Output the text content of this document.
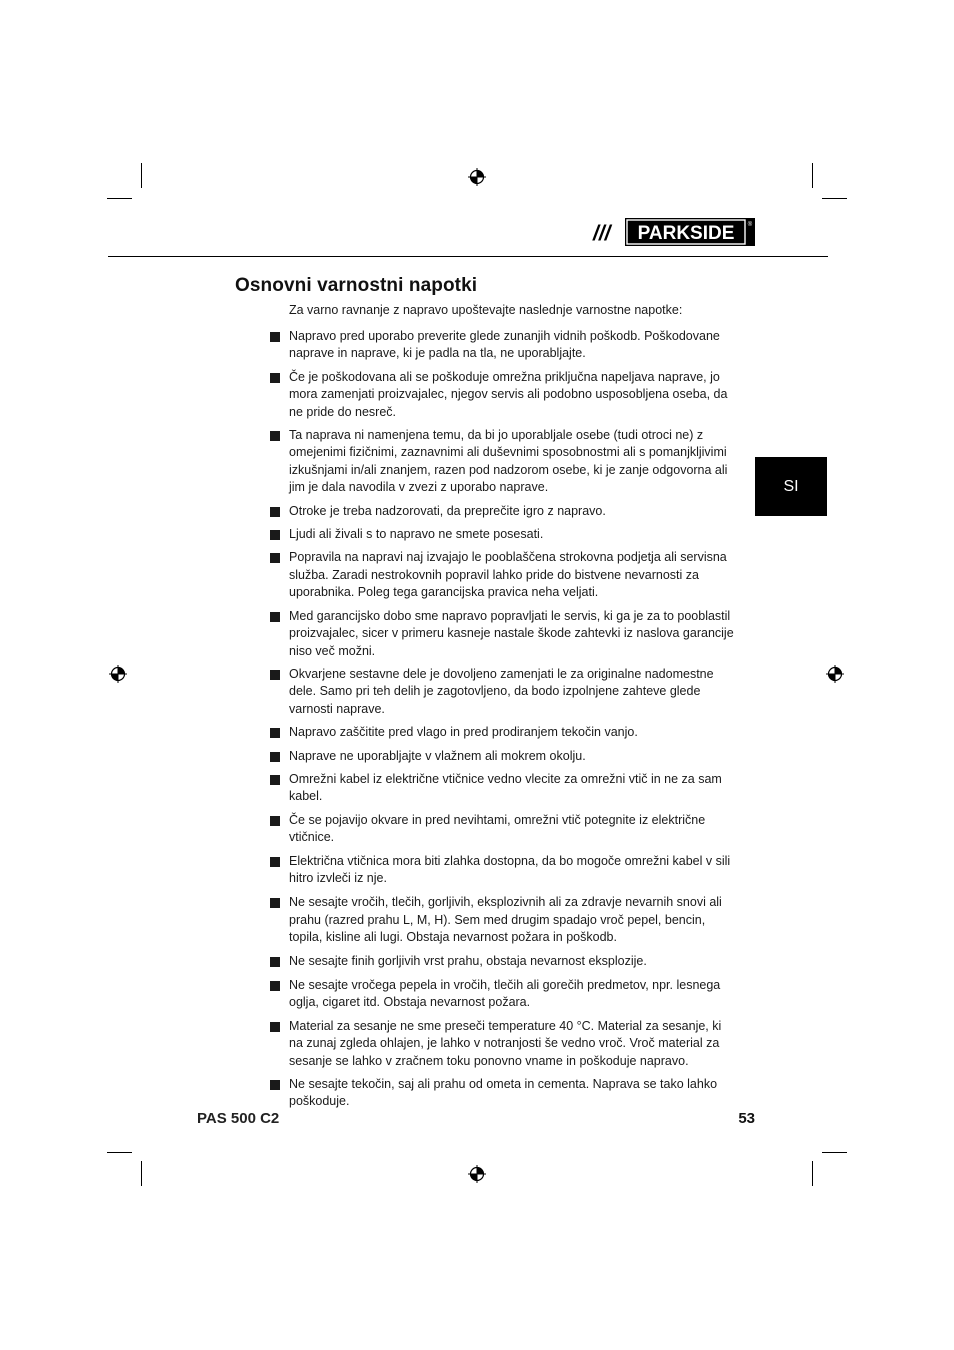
/// PARKSIDE ®
Osnovni varnostni napotki

Za varno ravnanje z napravo upoštevajte naslednje varnostne napotke:

Napravo pred uporabo preverite glede zunanjih vidnih poškodb. Poškodovane naprave in naprave, ki je padla na tla, ne uporabljajte.
Če je poškodovana ali se poškoduje omrežna priključna napeljava naprave, jo mora zamenjati proizvajalec, njegov servis ali podobno usposobljena oseba, da ne pride do nesreč.
Ta naprava ni namenjena temu, da bi jo uporabljale osebe (tudi otroci ne) z omejenimi fizičnimi, zaznavnimi ali duševnimi sposobnostmi ali s pomanjkljivimi izkušnjami in/ali znanjem, razen pod nadzorom osebe, ki je zanje odgovorna ali jim je dala navodila v zvezi z uporabo naprave.
Otroke je treba nadzorovati, da preprečite igro z napravo.
Ljudi ali živali s to napravo ne smete posesati.
Popravila na napravi naj izvajajo le pooblaščena strokovna podjetja ali servisna služba. Zaradi nestrokovnih popravil lahko pride do bistvene nevarnosti za uporabnika. Poleg tega garancijska pravica neha veljati.
Med garancijsko dobo sme napravo popravljati le servis, ki ga je za to pooblastil proizvajalec, sicer v primeru kasneje nastale škode zahtevki iz naslova garancije niso več možni.
Okvarjene sestavne dele je dovoljeno zamenjati le za originalne nadomestne dele. Samo pri teh delih je zagotovljeno, da bodo izpolnjene zahteve glede varnosti naprave.
Napravo zaščitite pred vlago in pred prodiranjem tekočin vanjo.
Naprave ne uporabljajte v vlažnem ali mokrem okolju.
Omrežni kabel iz električne vtičnice vedno vlecite za omrežni vtič in ne za sam kabel.
Če se pojavijo okvare in pred nevihtami, omrežni vtič potegnite iz električne vtičnice.
Električna vtičnica mora biti zlahka dostopna, da bo mogoče omrežni kabel v sili hitro izvleči iz nje.
Ne sesajte vročih, tlečih, gorljivih, eksplozivnih ali za zdravje nevarnih snovi ali prahu (razred prahu L, M, H). Sem med drugim spadajo vroč pepel, bencin, topila, kisline ali lugi. Obstaja nevarnost požara in poškodb.
Ne sesajte finih gorljivih vrst prahu, obstaja nevarnost eksplozije.
Ne sesajte vročega pepela in vročih, tlečih ali gorečih predmetov, npr. lesnega oglja, cigaret itd. Obstaja nevarnost požara.
Material za sesanje ne sme preseči temperature 40 °C. Material za sesanje, ki na zunaj zgleda ohlajen, je lahko v notranjosti še vedno vroč. Vroč material za sesanje se lahko v zračnem toku ponovno vname in poškoduje napravo.
Ne sesajte tekočin, saj ali prahu od ometa in cementa. Naprava se tako lahko poškoduje.
SI
PAS 500 C2	53
